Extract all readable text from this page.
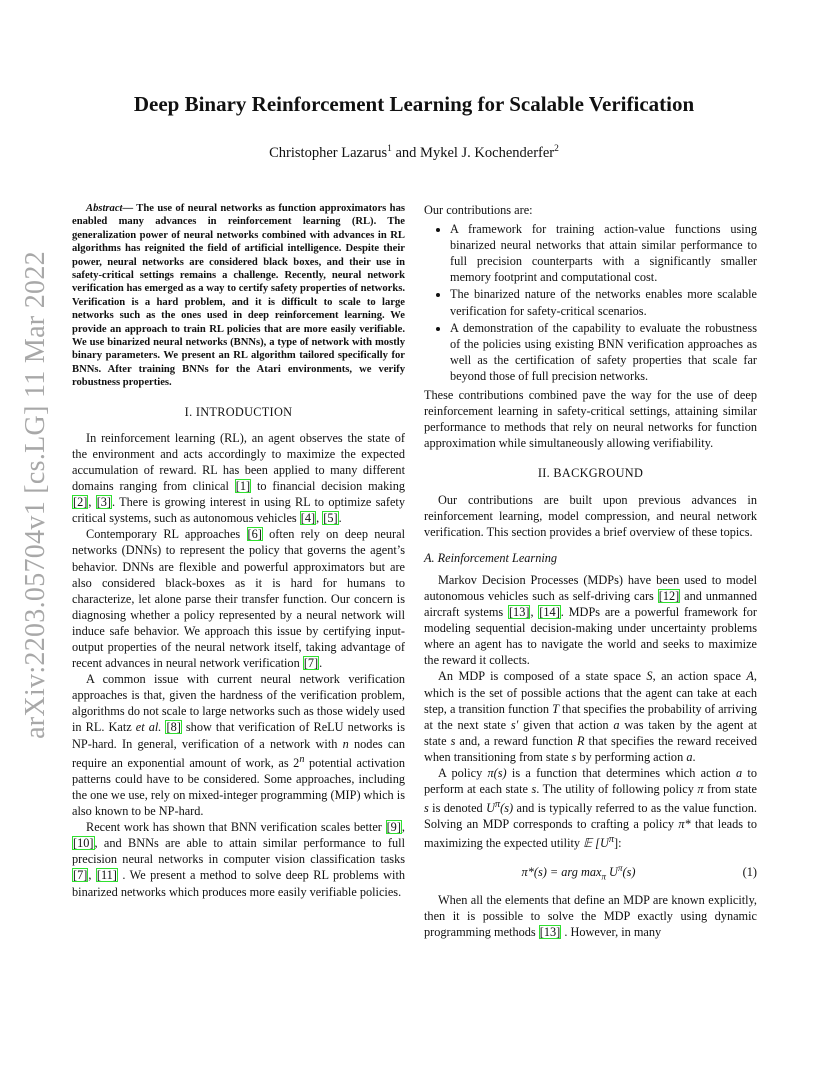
arXiv:2203.05704v1 [cs.LG] 11 Mar 2022
Deep Binary Reinforcement Learning for Scalable Verification
Christopher Lazarus$^1$ and Mykel J. Kochenderfer$^2$

Abstract— The use of neural networks as function approximators has enabled many advances in reinforcement learning (RL). The generalization power of neural networks combined with advances in RL algorithms has reignited the field of artificial intelligence. Despite their power, neural networks are considered black boxes, and their use in safety-critical settings remains a challenge. Recently, neural network verification has emerged as a way to certify safety properties of networks. Verification is a hard problem, and it is difficult to scale to large networks such as the ones used in deep reinforcement learning. We provide an approach to train RL policies that are more easily verifiable. We use binarized neural networks (BNNs), a type of network with mostly binary parameters. We present an RL algorithm tailored specifically for BNNs. After training BNNs for the Atari environments, we verify robustness properties.

I. INTRODUCTION

In reinforcement learning (RL), an agent observes the state of the environment and acts accordingly to maximize the expected accumulation of reward. RL has been applied to many different domains ranging from clinical [1] to financial decision making [2], [3]. There is growing interest in using RL to optimize safety critical systems, such as autonomous vehicles [4], [5].

Contemporary RL approaches [6] often rely on deep neural networks (DNNs) to represent the policy that governs the agent’s behavior. DNNs are flexible and powerful approximators but are also considered black-boxes as it is hard for humans to characterize, let alone parse their transfer function. Our concern is diagnosing whether a policy represented by a neural network will induce safe behavior. We approach this issue by certifying input-output properties of the neural network itself, taking advantage of recent advances in neural network verification [7].

A common issue with current neural network verification approaches is that, given the hardness of the verification problem, algorithms do not scale to large networks such as those widely used in RL. Katz et al. [8] show that verification of ReLU networks is NP-hard. In general, verification of a network with n nodes can require an exponential amount of work, as 2$^n$ potential activation patterns could have to be considered. Some approaches, including the one we use, rely on mixed-integer programming (MIP) which is also known to be NP-hard.

Recent work has shown that BNN verification scales better [9], [10], and BNNs are able to attain similar performance to full precision neural networks in computer vision classification tasks [7], [11] . We present a method to solve deep RL problems with binarized networks which produces more easily verifiable policies.

Our contributions are:

• A framework for training action-value functions using binarized neural networks that attain similar performance to full precision counterparts with a significantly smaller memory footprint and computational cost.
• The binarized nature of the networks enables more scalable verification for safety-critical scenarios.
• A demonstration of the capability to evaluate the robustness of the policies using existing BNN verification approaches as well as the certification of safety properties that scale far beyond those of full precision networks.

These contributions combined pave the way for the use of deep reinforcement learning in safety-critical settings, attaining similar performance to methods that rely on neural networks for function approximation while simultaneously allowing verifiability.

II. BACKGROUND

Our contributions are built upon previous advances in reinforcement learning, model compression, and neural network verification. This section provides a brief overview of these topics.

A. Reinforcement Learning

Markov Decision Processes (MDPs) have been used to model autonomous vehicles such as self-driving cars [12] and unmanned aircraft systems [13], [14]. MDPs are a powerful framework for modeling sequential decision-making under uncertainty problems where an agent has to navigate the world and seeks to maximize the reward it collects.

An MDP is composed of a state space S, an action space A, which is the set of possible actions that the agent can take at each step, a transition function T that specifies the probability of arriving at the next state s′ given that action a was taken by the agent at state s and, a reward function R that specifies the reward received when transitioning from state s by performing action a.

A policy π(s) is a function that determines which action a to perform at each state s. The utility of following policy π from state s is denoted $U^\pi(s)$ and is typically referred to as the value function. Solving an MDP corresponds to crafting a policy π* that leads to maximizing the expected utility 𝔼 $[U^\pi]$:

π*(s) = arg $\max_\pi U^\pi(s)$	(1)

When all the elements that define an MDP are known explicitly, then it is possible to solve the MDP exactly using dynamic programming methods [13] . However, in many
